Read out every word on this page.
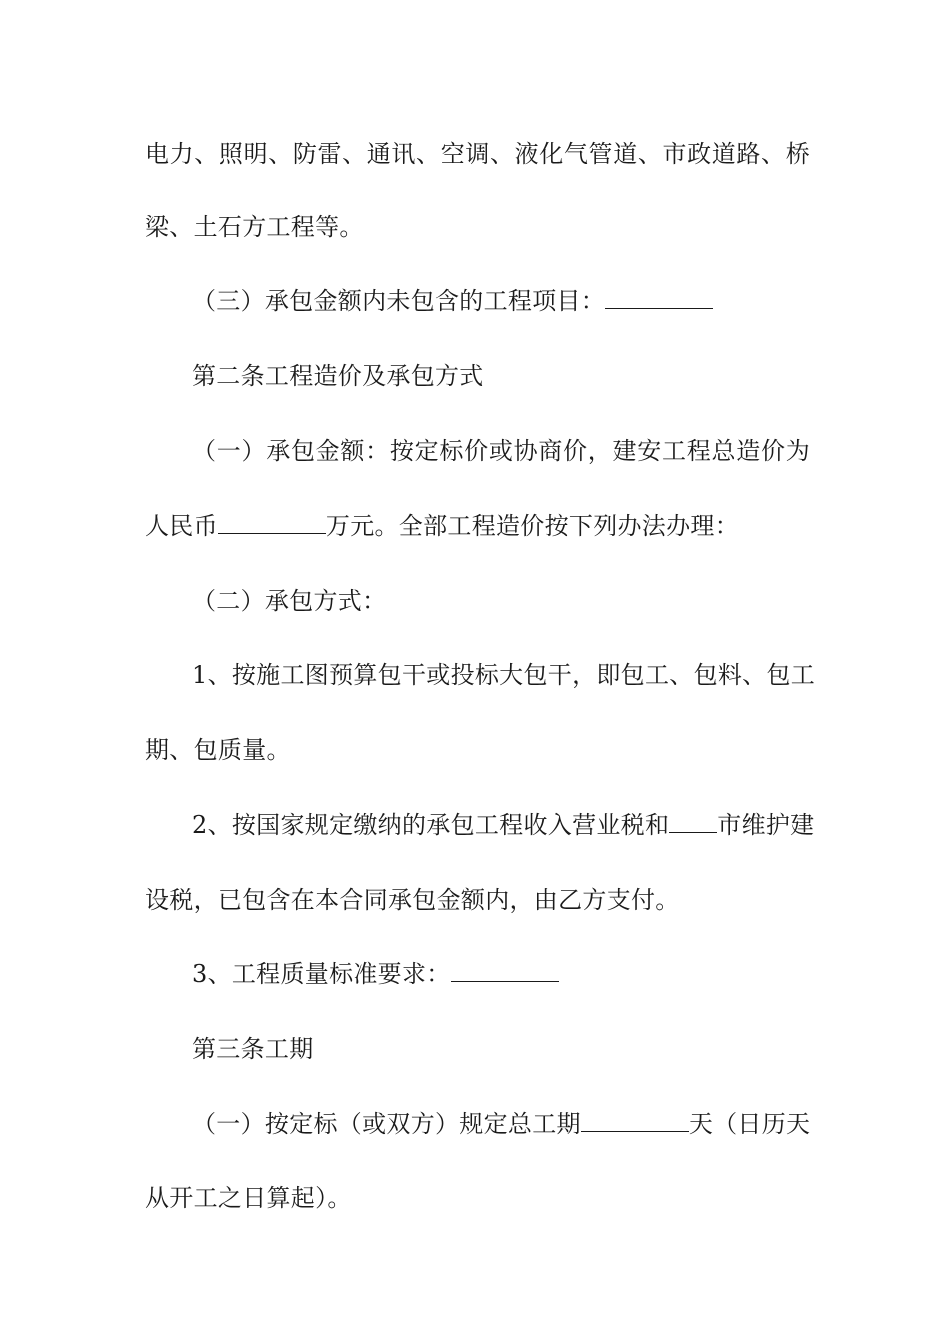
电力、照明、防雷、通讯、空调、液化气管道、市政道路、桥
梁、土石方工程等。
（三）承包金额内未包含的工程项目：
第二条工程造价及承包方式
（一）承包金额：按定标价或协商价，建安工程总造价为
人民币	万元。全部工程造价按下列办法办理：
（二）承包方式：
1、按施工图预算包干或投标大包干，即包工、包料、包工
期、包质量。
2、按国家规定缴纳的承包工程收入营业税和 市维护建
设税，已包含在本合同承包金额内，由乙方支付。
3、工程质量标准要求：
第三条工期
（一）按定标（或双方）规定总工期	天（日历天
从开工之日算起）。
